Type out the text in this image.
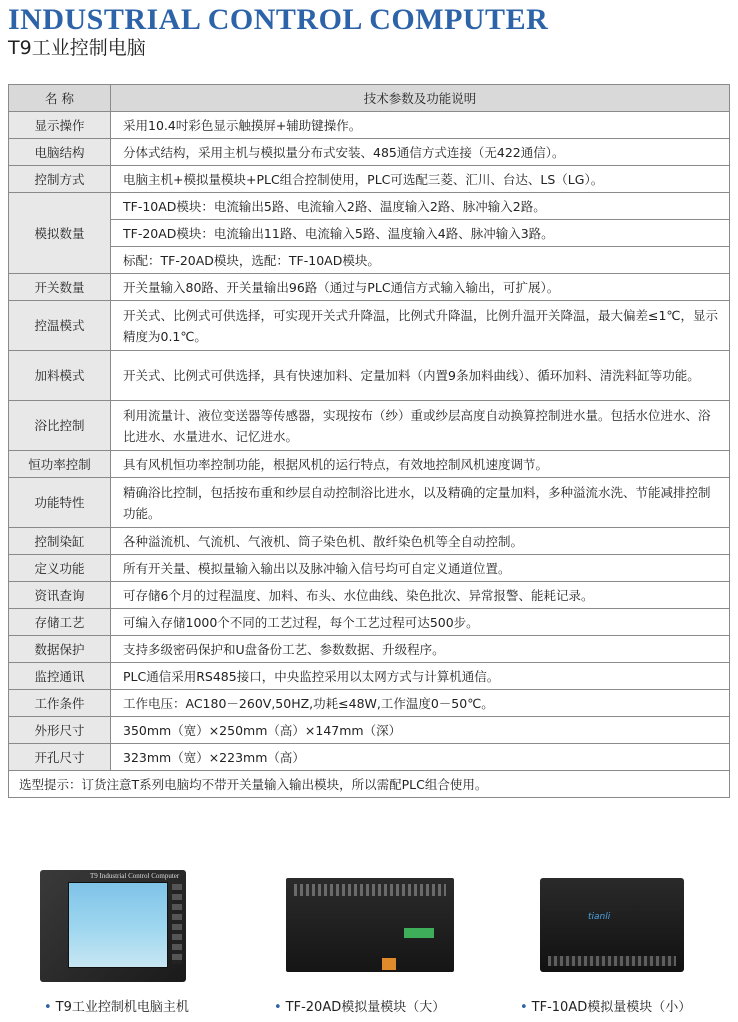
INDUSTRIAL CONTROL COMPUTER
T9工业控制电脑
名 称	技术参数及功能说明
显示操作	采用10.4吋彩色显示触摸屏+辅助键操作。
电脑结构	分体式结构，采用主机与模拟量分布式安装、485通信方式连接（无422通信）。
控制方式	电脑主机+模拟量模块+PLC组合控制使用，PLC可选配三菱、汇川、台达、LS（LG）。
模拟数量	TF-10AD模块：电流输出5路、电流输入2路、温度输入2路、脉冲输入2路。
	TF-20AD模块：电流输出11路、电流输入5路、温度输入4路、脉冲输入3路。
	标配：TF-20AD模块，选配：TF-10AD模块。
开关数量	开关量输入80路、开关量输出96路（通过与PLC通信方式输入输出，可扩展）。
控温模式	开关式、比例式可供选择，可实现开关式升降温，比例式升降温，比例升温开关降温，最大偏差≤1℃，显示精度为0.1℃。
加料模式	开关式、比例式可供选择，具有快速加料、定量加料（内置9条加料曲线）、循环加料、清洗料缸等功能。
浴比控制	利用流量计、液位变送器等传感器，实现按布（纱）重或纱层高度自动换算控制进水量。包括水位进水、浴比进水、水量进水、记忆进水。
恒功率控制	具有风机恒功率控制功能，根据风机的运行特点，有效地控制风机速度调节。
功能特性	精确浴比控制，包括按布重和纱层自动控制浴比进水，以及精确的定量加料，多种溢流水洗、节能减排控制功能。
控制染缸	各种溢流机、气流机、气液机、筒子染色机、散纤染色机等全自动控制。
定义功能	所有开关量、模拟量输入输出以及脉冲输入信号均可自定义通道位置。
资讯查询	可存储6个月的过程温度、加料、布头、水位曲线、染色批次、异常报警、能耗记录。
存储工艺	可编入存储1000个不同的工艺过程，每个工艺过程可达500步。
数据保护	支持多级密码保护和U盘备份工艺、参数数据、升级程序。
监控通讯	PLC通信采用RS485接口，中央监控采用以太网方式与计算机通信。
工作条件	工作电压：AC180－260V,50HZ,功耗≤48W,工作温度0－50℃。
外形尺寸	350mm（宽）×250mm（高）×147mm（深）
开孔尺寸	323mm（宽）×223mm（高）
选型提示：订货注意T系列电脑均不带开关量输入输出模块，所以需配PLC组合使用。	
T9 Industrial Control Computer
• T9工业控制机电脑主机	• TF-20AD模拟量模块（大）
tianli
• TF-10AD模拟量模块（小）
